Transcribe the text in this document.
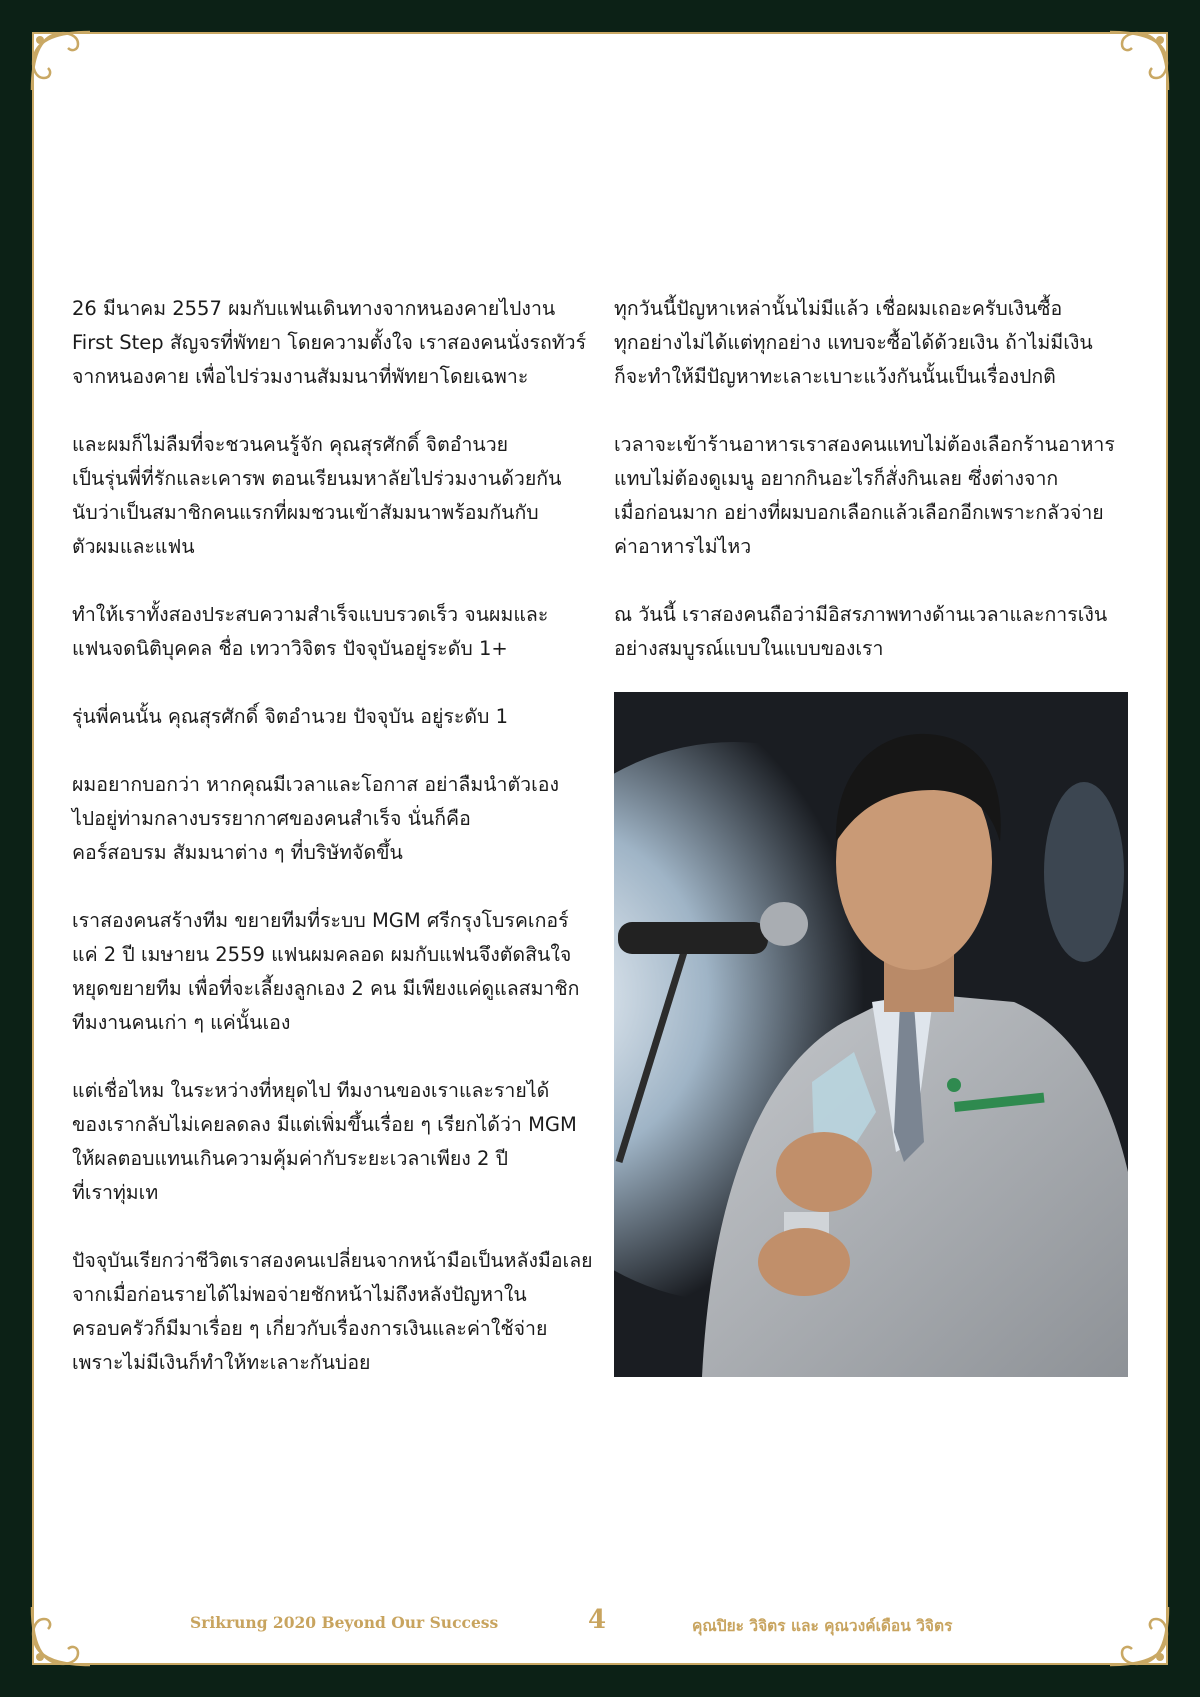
26 มีนาคม 2557 ผมกับแฟนเดินทางจากหนองคายไปงาน
First Step สัญจรที่พัทยา โดยความตั้งใจ เราสองคนนั่งรถทัวร์
จากหนองคาย เพื่อไปร่วมงานสัมมนาที่พัทยาโดยเฉพาะ

และผมก็ไม่ลืมที่จะชวนคนรู้จัก คุณสุรศักดิ์ จิตอำนวย
เป็นรุ่นพี่ที่รักและเคารพ ตอนเรียนมหาลัยไปร่วมงานด้วยกัน
นับว่าเป็นสมาชิกคนแรกที่ผมชวนเข้าสัมมนาพร้อมกันกับ
ตัวผมและแฟน

ทำให้เราทั้งสองประสบความสำเร็จแบบรวดเร็ว จนผมและ
แฟนจดนิติบุคคล ชื่อ เทวาวิจิตร ปัจจุบันอยู่ระดับ 1+

รุ่นพี่คนนั้น คุณสุรศักดิ์ จิตอำนวย ปัจจุบัน อยู่ระดับ 1

ผมอยากบอกว่า หากคุณมีเวลาและโอกาส อย่าลืมนำตัวเอง
ไปอยู่ท่ามกลางบรรยากาศของคนสำเร็จ นั่นก็คือ
คอร์สอบรม สัมมนาต่าง ๆ ที่บริษัทจัดขึ้น

เราสองคนสร้างทีม ขยายทีมที่ระบบ MGM ศรีกรุงโบรคเกอร์
แค่ 2 ปี เมษายน 2559 แฟนผมคลอด ผมกับแฟนจึงตัดสินใจ
หยุดขยายทีม เพื่อที่จะเลี้ยงลูกเอง 2 คน มีเพียงแค่ดูแลสมาชิก
ทีมงานคนเก่า ๆ แค่นั้นเอง

แต่เชื่อไหม ในระหว่างที่หยุดไป ทีมงานของเราและรายได้
ของเรากลับไม่เคยลดลง มีแต่เพิ่มขึ้นเรื่อย ๆ เรียกได้ว่า MGM
ให้ผลตอบแทนเกินความคุ้มค่ากับระยะเวลาเพียง 2 ปี
ที่เราทุ่มเท

ปัจจุบันเรียกว่าชีวิตเราสองคนเปลี่ยนจากหน้ามือเป็นหลังมือเลย
จากเมื่อก่อนรายได้ไม่พอจ่ายชักหน้าไม่ถึงหลังปัญหาใน
ครอบครัวก็มีมาเรื่อย ๆ เกี่ยวกับเรื่องการเงินและค่าใช้จ่าย
เพราะไม่มีเงินก็ทำให้ทะเลาะกันบ่อย

ทุกวันนี้ปัญหาเหล่านั้นไม่มีแล้ว เชื่อผมเถอะครับเงินซื้อ
ทุกอย่างไม่ได้แต่ทุกอย่าง แทบจะซื้อได้ด้วยเงิน ถ้าไม่มีเงิน
ก็จะทำให้มีปัญหาทะเลาะเบาะแว้งกันนั้นเป็นเรื่องปกติ

เวลาจะเข้าร้านอาหารเราสองคนแทบไม่ต้องเลือกร้านอาหาร
แทบไม่ต้องดูเมนู อยากกินอะไรก็สั่งกินเลย ซึ่งต่างจาก
เมื่อก่อนมาก อย่างที่ผมบอกเลือกแล้วเลือกอีกเพราะกลัวจ่าย
ค่าอาหารไม่ไหว

ณ วันนี้ เราสองคนถือว่ามีอิสรภาพทางด้านเวลาและการเงิน
อย่างสมบูรณ์แบบในแบบของเรา

Srikrung 2020 Beyond Our Success	4	คุณปิยะ วิจิตร และ คุณวงค์เดือน วิจิตร
